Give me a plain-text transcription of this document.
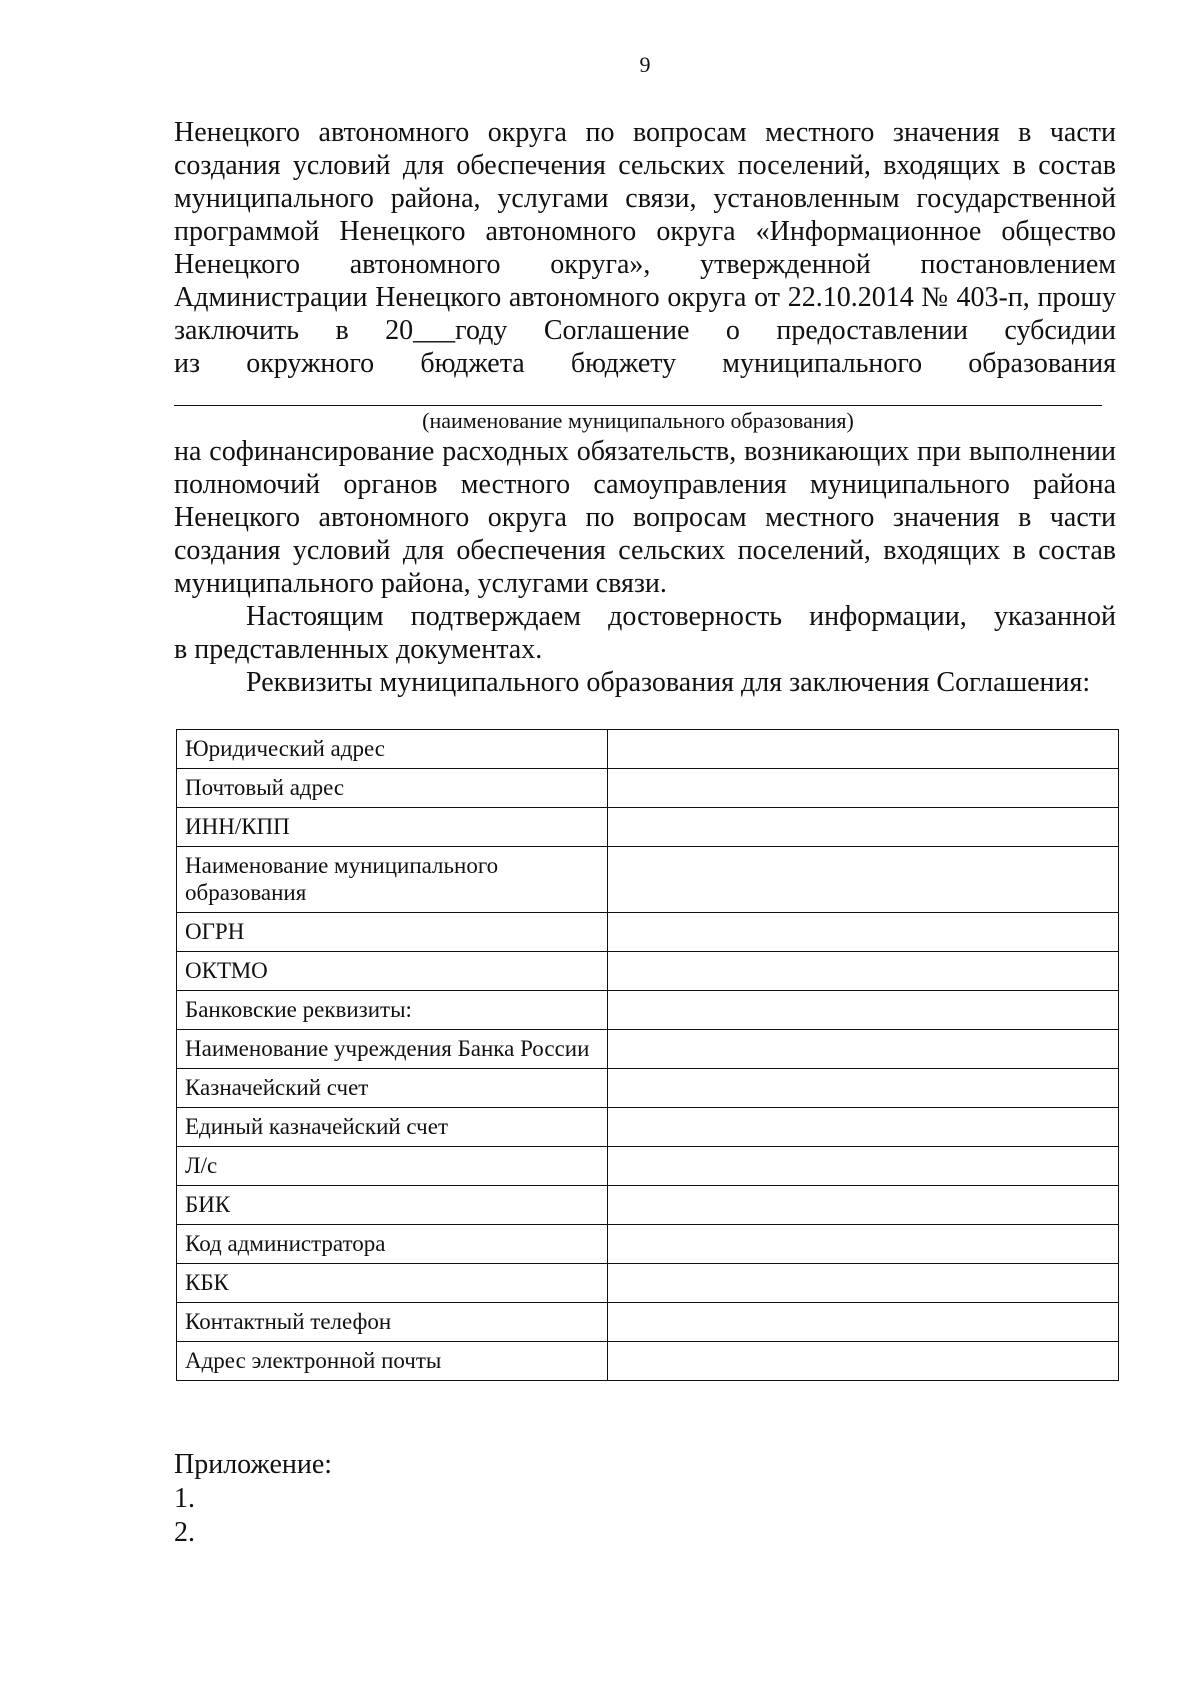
9
Ненецкого автономного округа по вопросам местного значения в части
создания условий для обеспечения сельских поселений, входящих в состав
муниципального района, услугами связи, установленным государственной
программой Ненецкого автономного округа «Информационное общество
Ненецкого автономного округа», утвержденной постановлением
Администрации Ненецкого автономного округа от 22.10.2014 № 403-п, прошу
заключить в 20___году Соглашение о предоставлении субсидии
из окружного бюджета бюджету муниципального образования
(наименование муниципального образования)
на софинансирование расходных обязательств, возникающих при выполнении
полномочий органов местного самоуправления муниципального района
Ненецкого автономного округа по вопросам местного значения в части
создания условий для обеспечения сельских поселений, входящих в состав
муниципального района, услугами связи.
Настоящим подтверждаем достоверность информации, указанной
в представленных документах.
Реквизиты муниципального образования для заключения Соглашения:
Юридический адрес	
Почтовый адрес	
ИНН/КПП	
Наименование муниципального образования	
ОГРН	
ОКТМО	
Банковские реквизиты:	
Наименование учреждения Банка России	
Казначейский счет	
Единый казначейский счет	
Л/с	
БИК	
Код администратора	
КБК	
Контактный телефон	
Адрес электронной почты	
Приложение:
1.
2.
